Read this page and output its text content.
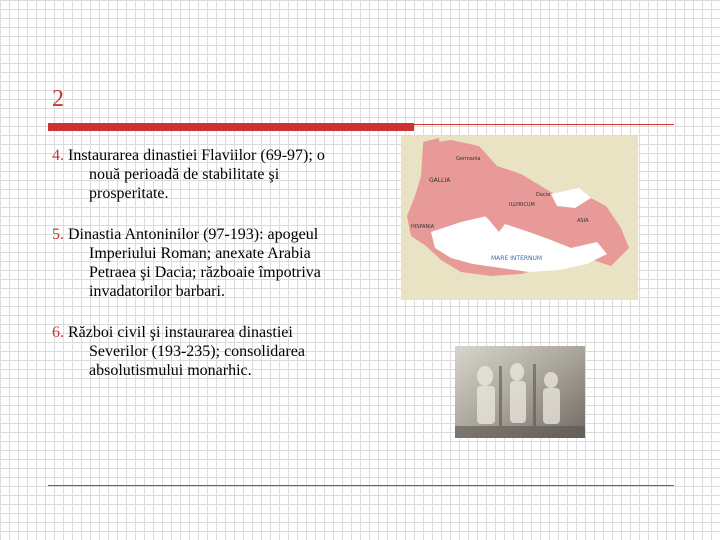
2

4. Instaurarea dinastiei Flaviilor (69-97); o nouă perioadă de stabilitate şi prosperitate.

5. Dinastia Antoninilor (97-193): apogeul Imperiului Roman; anexate Arabia Petraea şi Dacia; războaie împotriva invadatorilor barbari.

6. Război civil şi instaurarea dinastiei Severilor (193-235); consolidarea absolutismului monarhic.

Germania
GALLIA
ILLYRICUM
HISPANIA
ASIA
MARE INTERNUM
Dacia
